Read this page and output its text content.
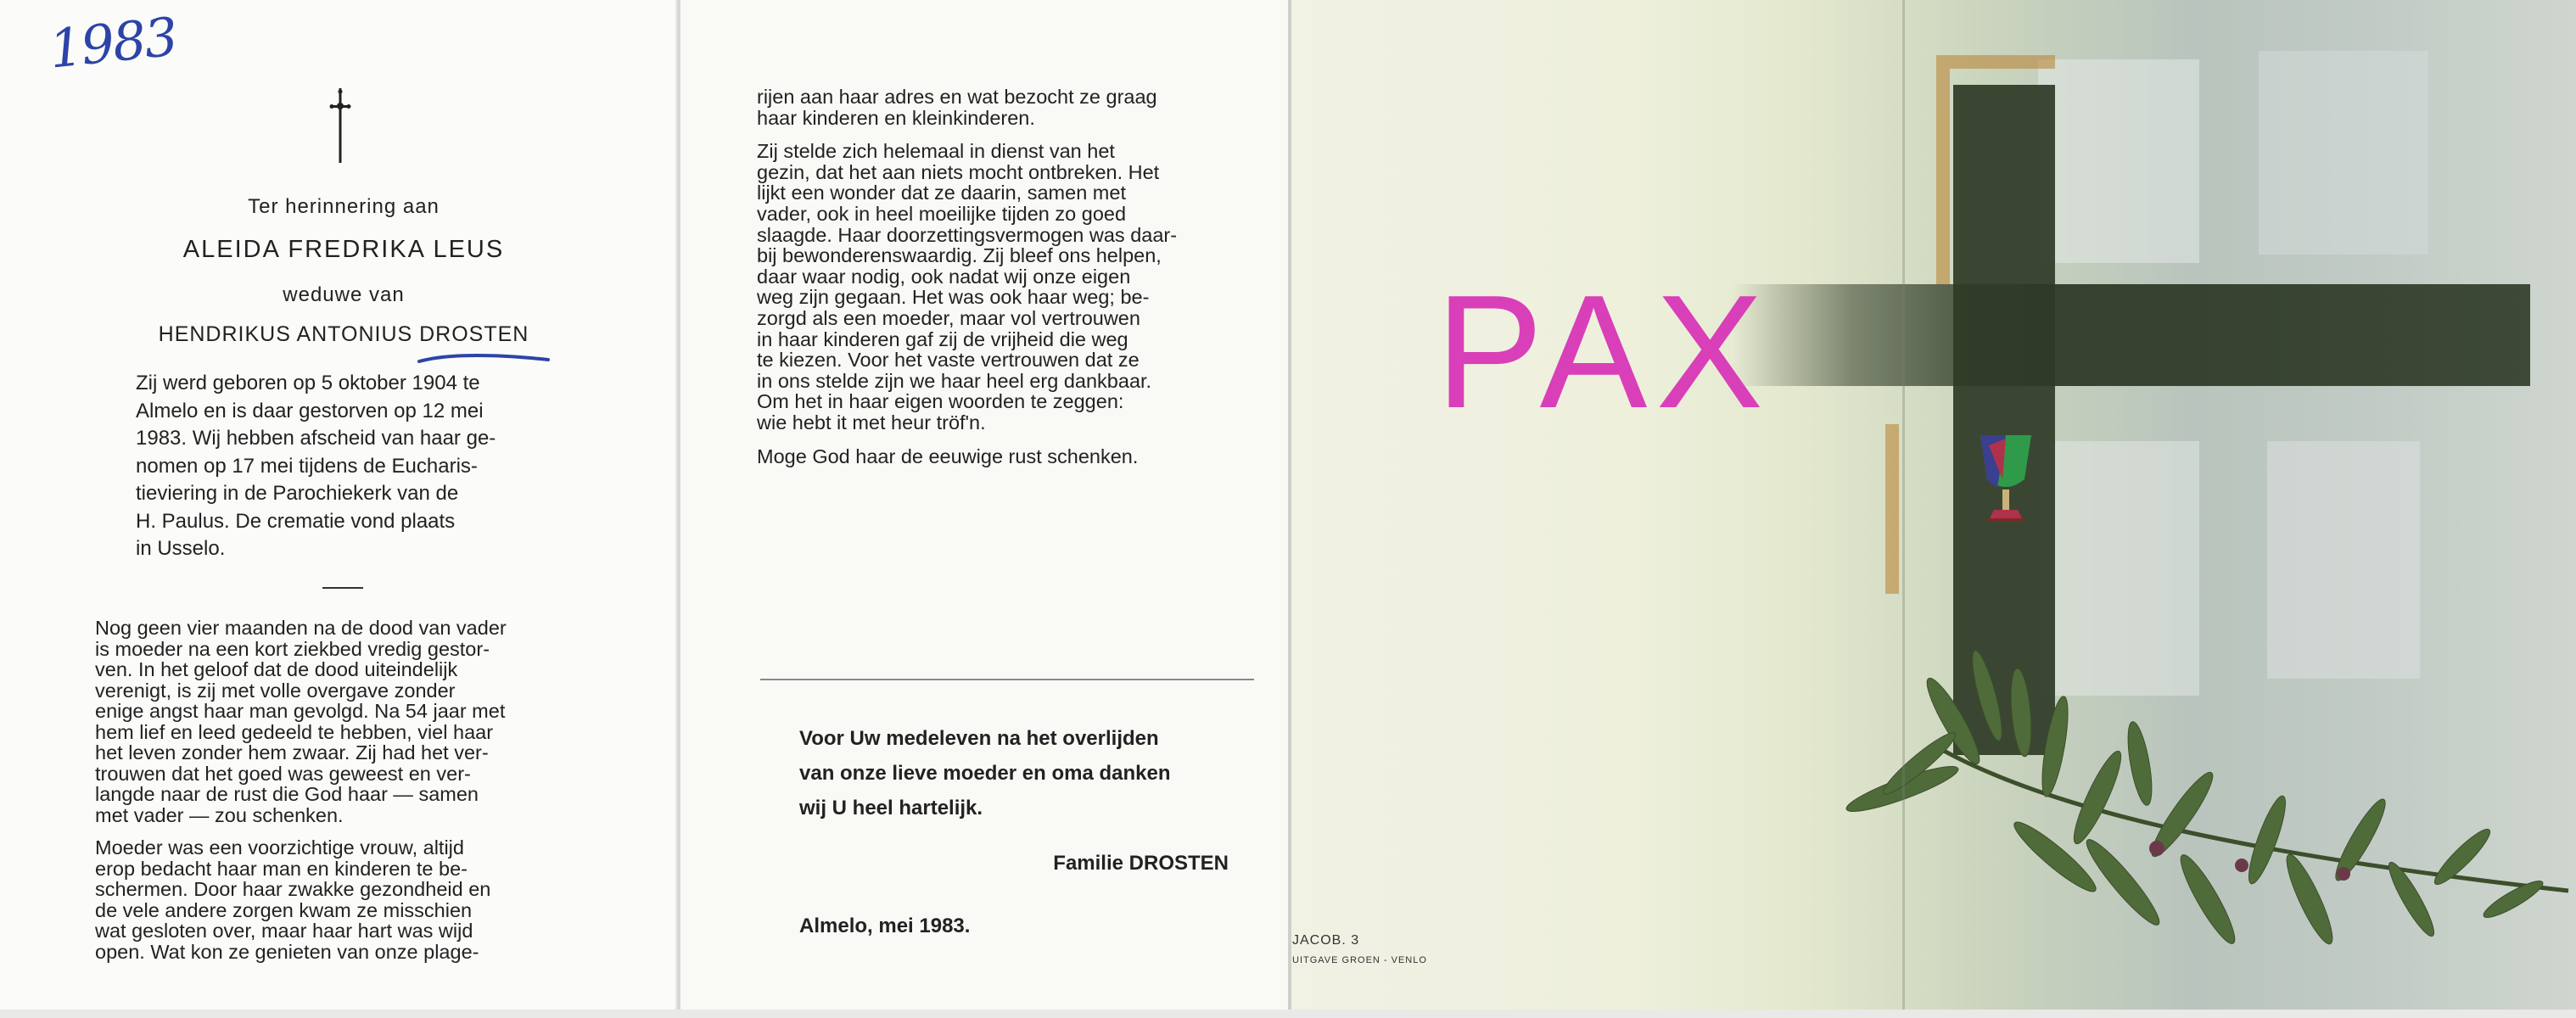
1983
Ter herinnering aan
ALEIDA FREDRIKA LEUS
weduwe van
HENDRIKUS ANTONIUS DROSTEN
Zij werd geboren op 5 oktober 1904 te
Almelo en is daar gestorven op 12 mei
1983. Wij hebben afscheid van haar ge-
nomen op 17 mei tijdens de Eucharis-
tieviering in de Parochiekerk van de
H. Paulus. De crematie vond plaats
in Usselo.

Nog geen vier maanden na de dood van vader
is moeder na een kort ziekbed vredig gestor-
ven. In het geloof dat de dood uiteindelijk
verenigt, is zij met volle overgave zonder
enige angst haar man gevolgd. Na 54 jaar met
hem lief en leed gedeeld te hebben, viel haar
het leven zonder hem zwaar. Zij had het ver-
trouwen dat het goed was geweest en ver-
langde naar de rust die God haar — samen
met vader — zou schenken.

Moeder was een voorzichtige vrouw, altijd
erop bedacht haar man en kinderen te be-
schermen. Door haar zwakke gezondheid en
de vele andere zorgen kwam ze misschien
wat gesloten over, maar haar hart was wijd
open. Wat kon ze genieten van onze plage-

rijen aan haar adres en wat bezocht ze graag
haar kinderen en kleinkinderen.

Zij stelde zich helemaal in dienst van het
gezin, dat het aan niets mocht ontbreken. Het
lijkt een wonder dat ze daarin, samen met
vader, ook in heel moeilijke tijden zo goed
slaagde. Haar doorzettingsvermogen was daar-
bij bewonderenswaardig. Zij bleef ons helpen,
daar waar nodig, ook nadat wij onze eigen
weg zijn gegaan. Het was ook haar weg; be-
zorgd als een moeder, maar vol vertrouwen
in haar kinderen gaf zij de vrijheid die weg
te kiezen. Voor het vaste vertrouwen dat ze
in ons stelde zijn we haar heel erg dankbaar.
Om het in haar eigen woorden te zeggen:
wie hebt it met heur tröf'n.

Moge God haar de eeuwige rust schenken.

Voor Uw medeleven na het overlijden
van onze lieve moeder en oma danken
wij U heel hartelijk.
Familie DROSTEN
Almelo, mei 1983.
PAX
JACOB. 3
UITGAVE GROEN - VENLO
